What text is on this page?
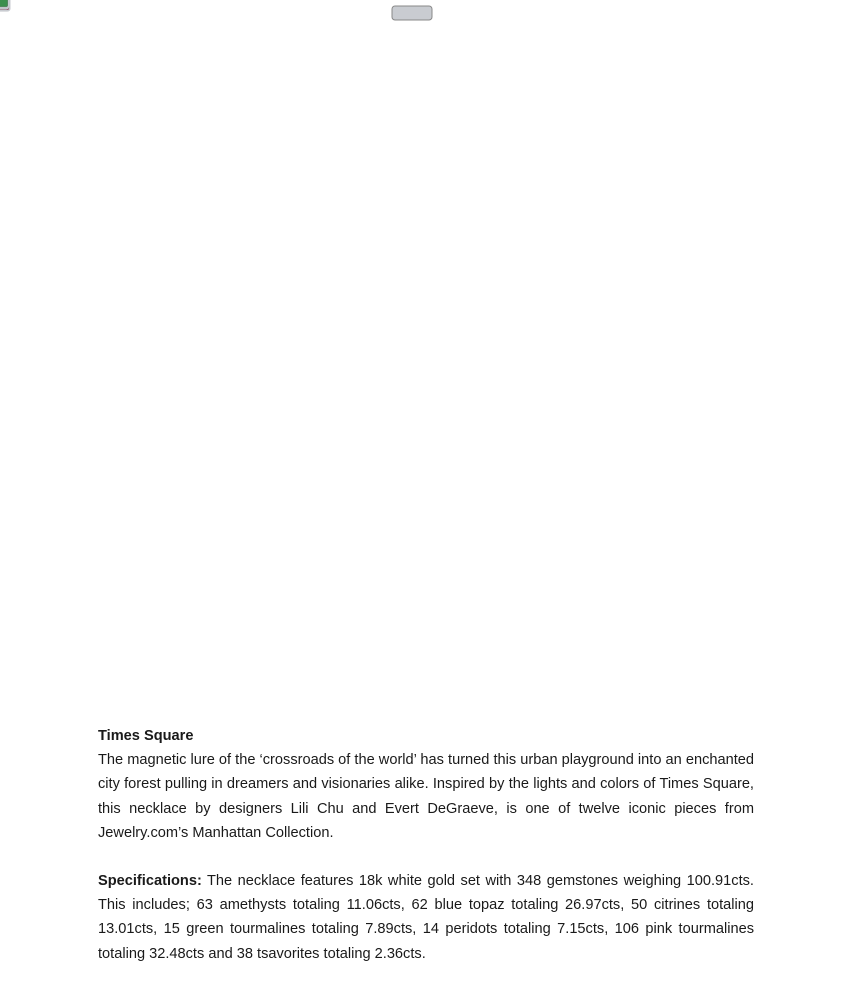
Times Square

The magnetic lure of the ‘crossroads of the world’ has turned this urban playground into an enchanted city forest pulling in dreamers and visionaries alike. Inspired by the lights and colors of Times Square, this necklace by designers Lili Chu and Evert DeGraeve, is one of twelve iconic pieces from Jewelry.com’s Manhattan Collection.

Specifications: The necklace features 18k white gold set with 348 gemstones weighing 100.91cts. This includes; 63 amethysts totaling 11.06cts, 62 blue topaz totaling 26.97cts, 50 citrines totaling 13.01cts, 15 green tourmalines totaling 7.89cts, 14 peridots totaling 7.15cts, 106 pink tourmalines totaling 32.48cts and 38 tsavorites totaling 2.36cts.
